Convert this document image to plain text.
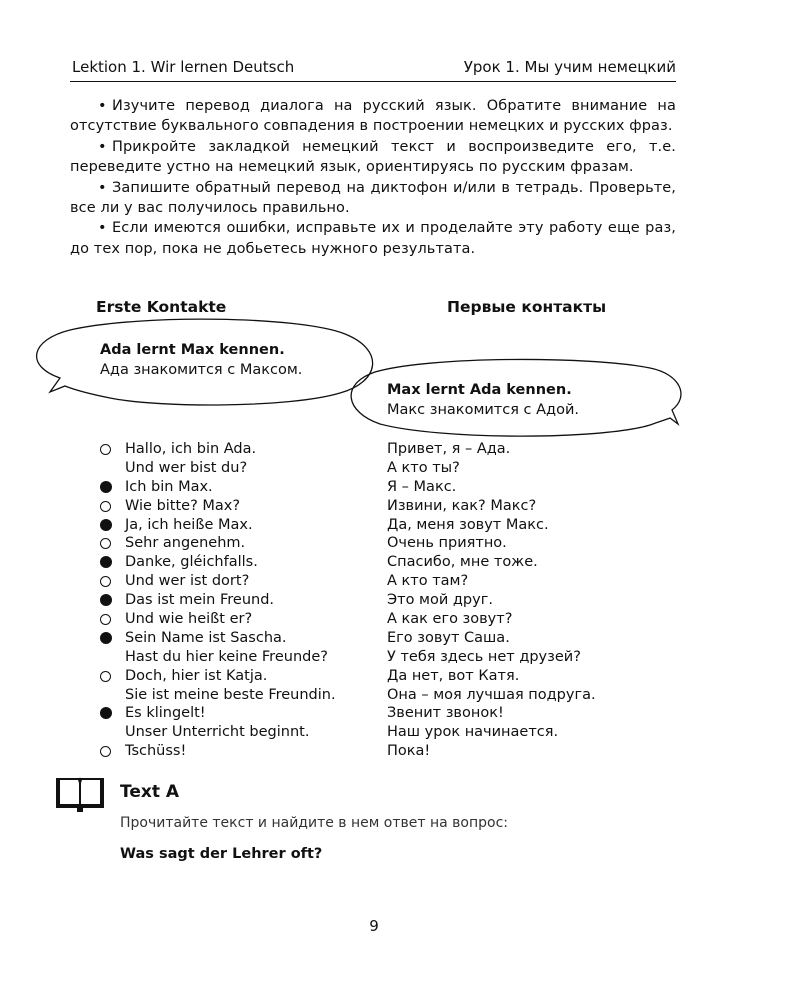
Lektion 1. Wir lernen Deutsch	Урок 1. Мы учим немецкий

• Изучите перевод диалога на русский язык. Обратите внимание на отсутствие буквального совпадения в построении немецких и русских фраз.

• Прикройте закладкой немецкий текст и воспроизведите его, т.е. переведите устно на немецкий язык, ориентируясь по русским фразам.

• Запишите обратный перевод на диктофон и/или в тетрадь. Проверьте, все ли у вас получилось правильно.

• Если имеются ошибки, исправьте их и проделайте эту работу еще раз, до тех пор, пока не добьетесь нужного результата.

Erste Kontakte	Первые контакты
Ada lernt Max kennen.
Ада знакомится с Максом.
Max lernt Ada kennen.
Макс знакомится с Адой.
Hallo, ich bin Ada.	Привет, я – Ада.
Und wer bist du?	А кто ты?
Ich bin Max.	Я – Макс.
Wie bitte? Max?	Извини, как? Макс?
Ja, ich heiße Max.	Да, меня зовут Макс.
Sehr angenehm.	Очень приятно.
Danke, gléichfalls.	Спасибо, мне тоже.
Und wer ist dort?	А кто там?
Das ist mein Freund.	Это мой друг.
Und wie heißt er?	А как его зовут?
Sein Name ist Sascha.	Его зовут Саша.
Hast du hier keine Freunde?	У тебя здесь нет друзей?
Doch, hier ist Katja.	Да нет, вот Катя.
Sie ist meine beste Freundin.	Она – моя лучшая подруга.
Es klingelt!	Звенит звонок!
Unser Unterricht beginnt.	Наш урок начинается.
Tschüss!	Пока!
Text A
Прочитайте текст и найдите в нем ответ на вопрос:
Was sagt der Lehrer oft?
9
